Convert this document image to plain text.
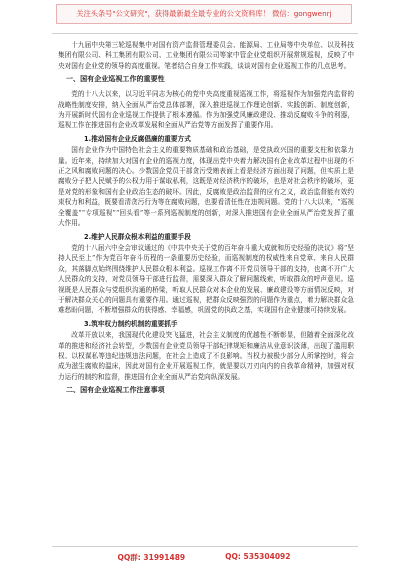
关注头条号"公文研究"，获得最新最全最专业的公文资料库！ 微信：gongwenrj

十九届中央第三轮巡视集中对国有资产监督管理委员会、能源局、工业局等中央单位、以及科技集团有限公司、科工集团有限公司、工业集团有限公司等家中管企业党组织开展常规巡视，反映了中央对国有企业党的领导的高度重视。笔者结合自身工作实践，谈谈对国有企业巡视工作的几点思考。

一、国有企业巡视工作的重要性

党的十八大以来，以习近平同志为核心的党中央高度重视巡视工作，将巡视作为加强党内监督的战略性制度安排，纳入全面从严治党总体部署，深入推进巡视工作理论创新、实践创新、制度创新，为开展新时代国有企业巡视工作提供了根本遵循。作为加强党风廉政建设、推动反腐败斗争的利器，巡视工作在推进国有企业改革发展和全面从严治党等方面发挥了重要作用。

1.推动国有企业反腐倡廉的重要方式

国有企业作为中国特色社会主义的重要物质基础和政治基础，是党执政兴国的重要支柱和依靠力量。近年来，持续加大对国有企业的巡视力度，体现出党中央着力解决国有企业改革过程中出现的不正之风和腐败问题的决心。少数国企党员干部贪污受贿表面上看是经济方面出现了问题，但实质上是腐败分子把人民赋予的公权力用于谋取私利，这既是对经济秩序的破坏，也是对社会秩序的破坏，更是对党的形象和国有企业政治生态的破坏。因此，反腐败是政治监督的应有之义，政治监督能有效约束权力和利益，既要看清贪污行为等在腐败问题，也要看清任性在违规问题。党的十八大以来，“巡视全覆盖”“专项巡视”“回头看”等一系列巡视制度的创新，对深入推进国有企业全面从严治党发挥了重大作用。

2.维护人民群众根本利益的重要手段

党的十八届六中全会审议通过的《中共中央关于党的百年奋斗重大成就和历史经验的决议》将“坚持人民至上”作为党百年奋斗历程的一条重要历史经验，而巡视制度的权威性来自党章、来自人民群众，其落脚点始终围绕维护人民群众根本利益。巡视工作离不开党员领导干部的支持，也离不开广大人民群众的支持，对党员领导干部进行监督，需要深入群众了解问题线索，听取群众的呼声意见。巡视既是人民群众与党组织沟通的桥梁，听取人民群众对本企业的发展、廉政建设等方面情况反映，对于解决群众关心的问题具有重要作用。通过巡视，把群众反映强烈的问题作为重点，着力解决群众急难愁盼问题，不断增强群众的获得感、幸福感，巩固党的执政之基，实现国有企业健康可持续发展。

3.筑牢权力制约机制的重要抓手

改革开放以来，我国现代化建设突飞猛进，社会主义制度的优越性不断彰显，但随着全面深化改革的推进和经济社会转型，少数国有企业党员领导干部纪律规矩和廉洁从业意识淡薄，出现了滥用职权、以权谋私等违纪违规违法问题，在社会上造成了不良影响。当权力被极少部分人所掌控时，将会成为滋生腐败的温床，因此对国有企业开展巡视工作，就是要以刀刃向内的自我革命精神，加强对权力运行的制约和监督，推进国有企业全面从严治党向纵深发展。

二、国有企业巡视工作注意事项
QQ群: 31991489	QQ: 535304092
